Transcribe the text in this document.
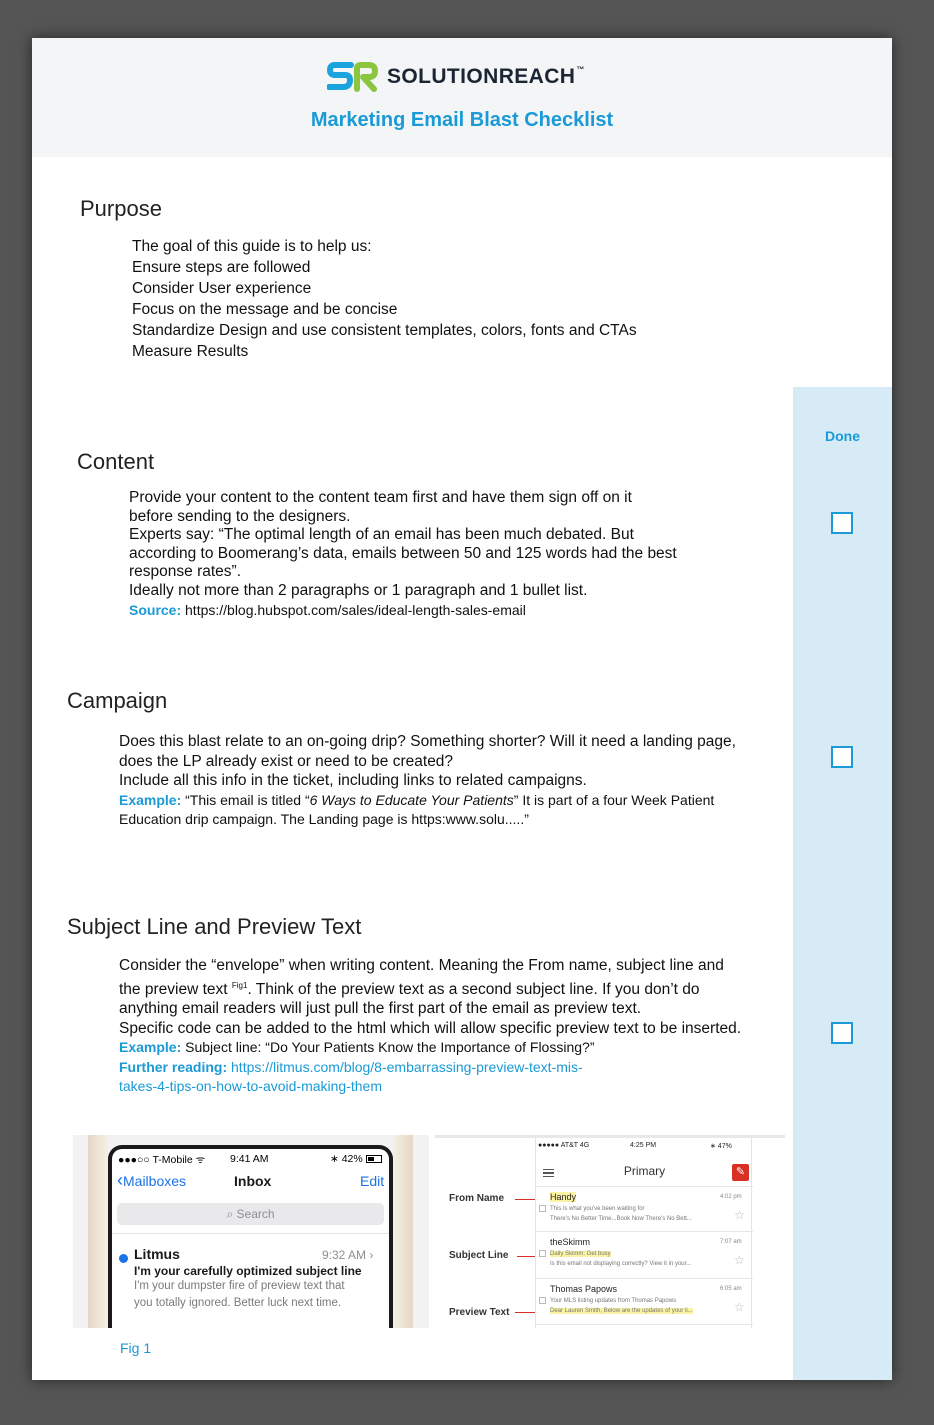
SOLUTIONREACH™
Marketing Email Blast Checklist
Done
Purpose

The goal of this guide is to help us:

Ensure steps are followed

Consider User experience

Focus on the message and be concise

Standardize Design and use consistent templates, colors, fonts and CTAs

Measure Results

Content

Provide your content to the content team first and have them sign off on it

before sending to the designers.

Experts say: “The optimal length of an email has been much debated. But

according to Boomerang’s data, emails between 50 and 125 words had the best

response rates”.

Ideally not more than 2 paragraphs or 1 paragraph and 1 bullet list.

Source: https://blog.hubspot.com/sales/ideal-length-sales-email

Campaign

Does this blast relate to an on-going drip? Something shorter? Will it need a landing page,

does the LP already exist or need to be created?

Include all this info in the ticket, including links to related campaigns.

Example: “This email is titled “6 Ways to Educate Your Patients” It is part of a four Week Patient

Education drip campaign. The Landing page is https:www.solu.....”

Subject Line and Preview Text

Consider the “envelope” when writing content. Meaning the From name, subject line and

the preview text $^{Fig1}$. Think of the preview text as a second subject line. If you don’t do

anything email readers will just pull the first part of the email as preview text.

Specific code can be added to the html which will allow specific preview text to be inserted.

Example: Subject line: “Do Your Patients Know the Importance of Flossing?”

Further reading: https://litmus.com/blog/8-embarrassing-preview-text-mis-

takes-4-tips-on-how-to-avoid-making-them

●●●○○ T-Mobile ᯤ 9:41 AM	∗ 42%
‹Mailboxes	Inbox	Edit
⌕ Search
Litmus	9:32 AM ›
I'm your carefully optimized subject line
I'm your dumpster fire of preview text that
you totally ignored. Better luck next time.
From Name
Subject Line
Preview Text
●●●●● AT&T 4G	4:25 PM	∗ 47%
Primary	✎
Handy	4:02 pm
This is what you've been waiting for
There's No Better Time...Book Now There's No Bett...	☆
theSkimm	7:07 am
Daily Skimm: Get busy
Is this email not displaying correctly? View it in your...	☆
Thomas Papows	6:05 am
Your MLS listing updates from Thomas Papows
Dear Lauren Smith, Below are the updates of your li...	☆
Fig 1
